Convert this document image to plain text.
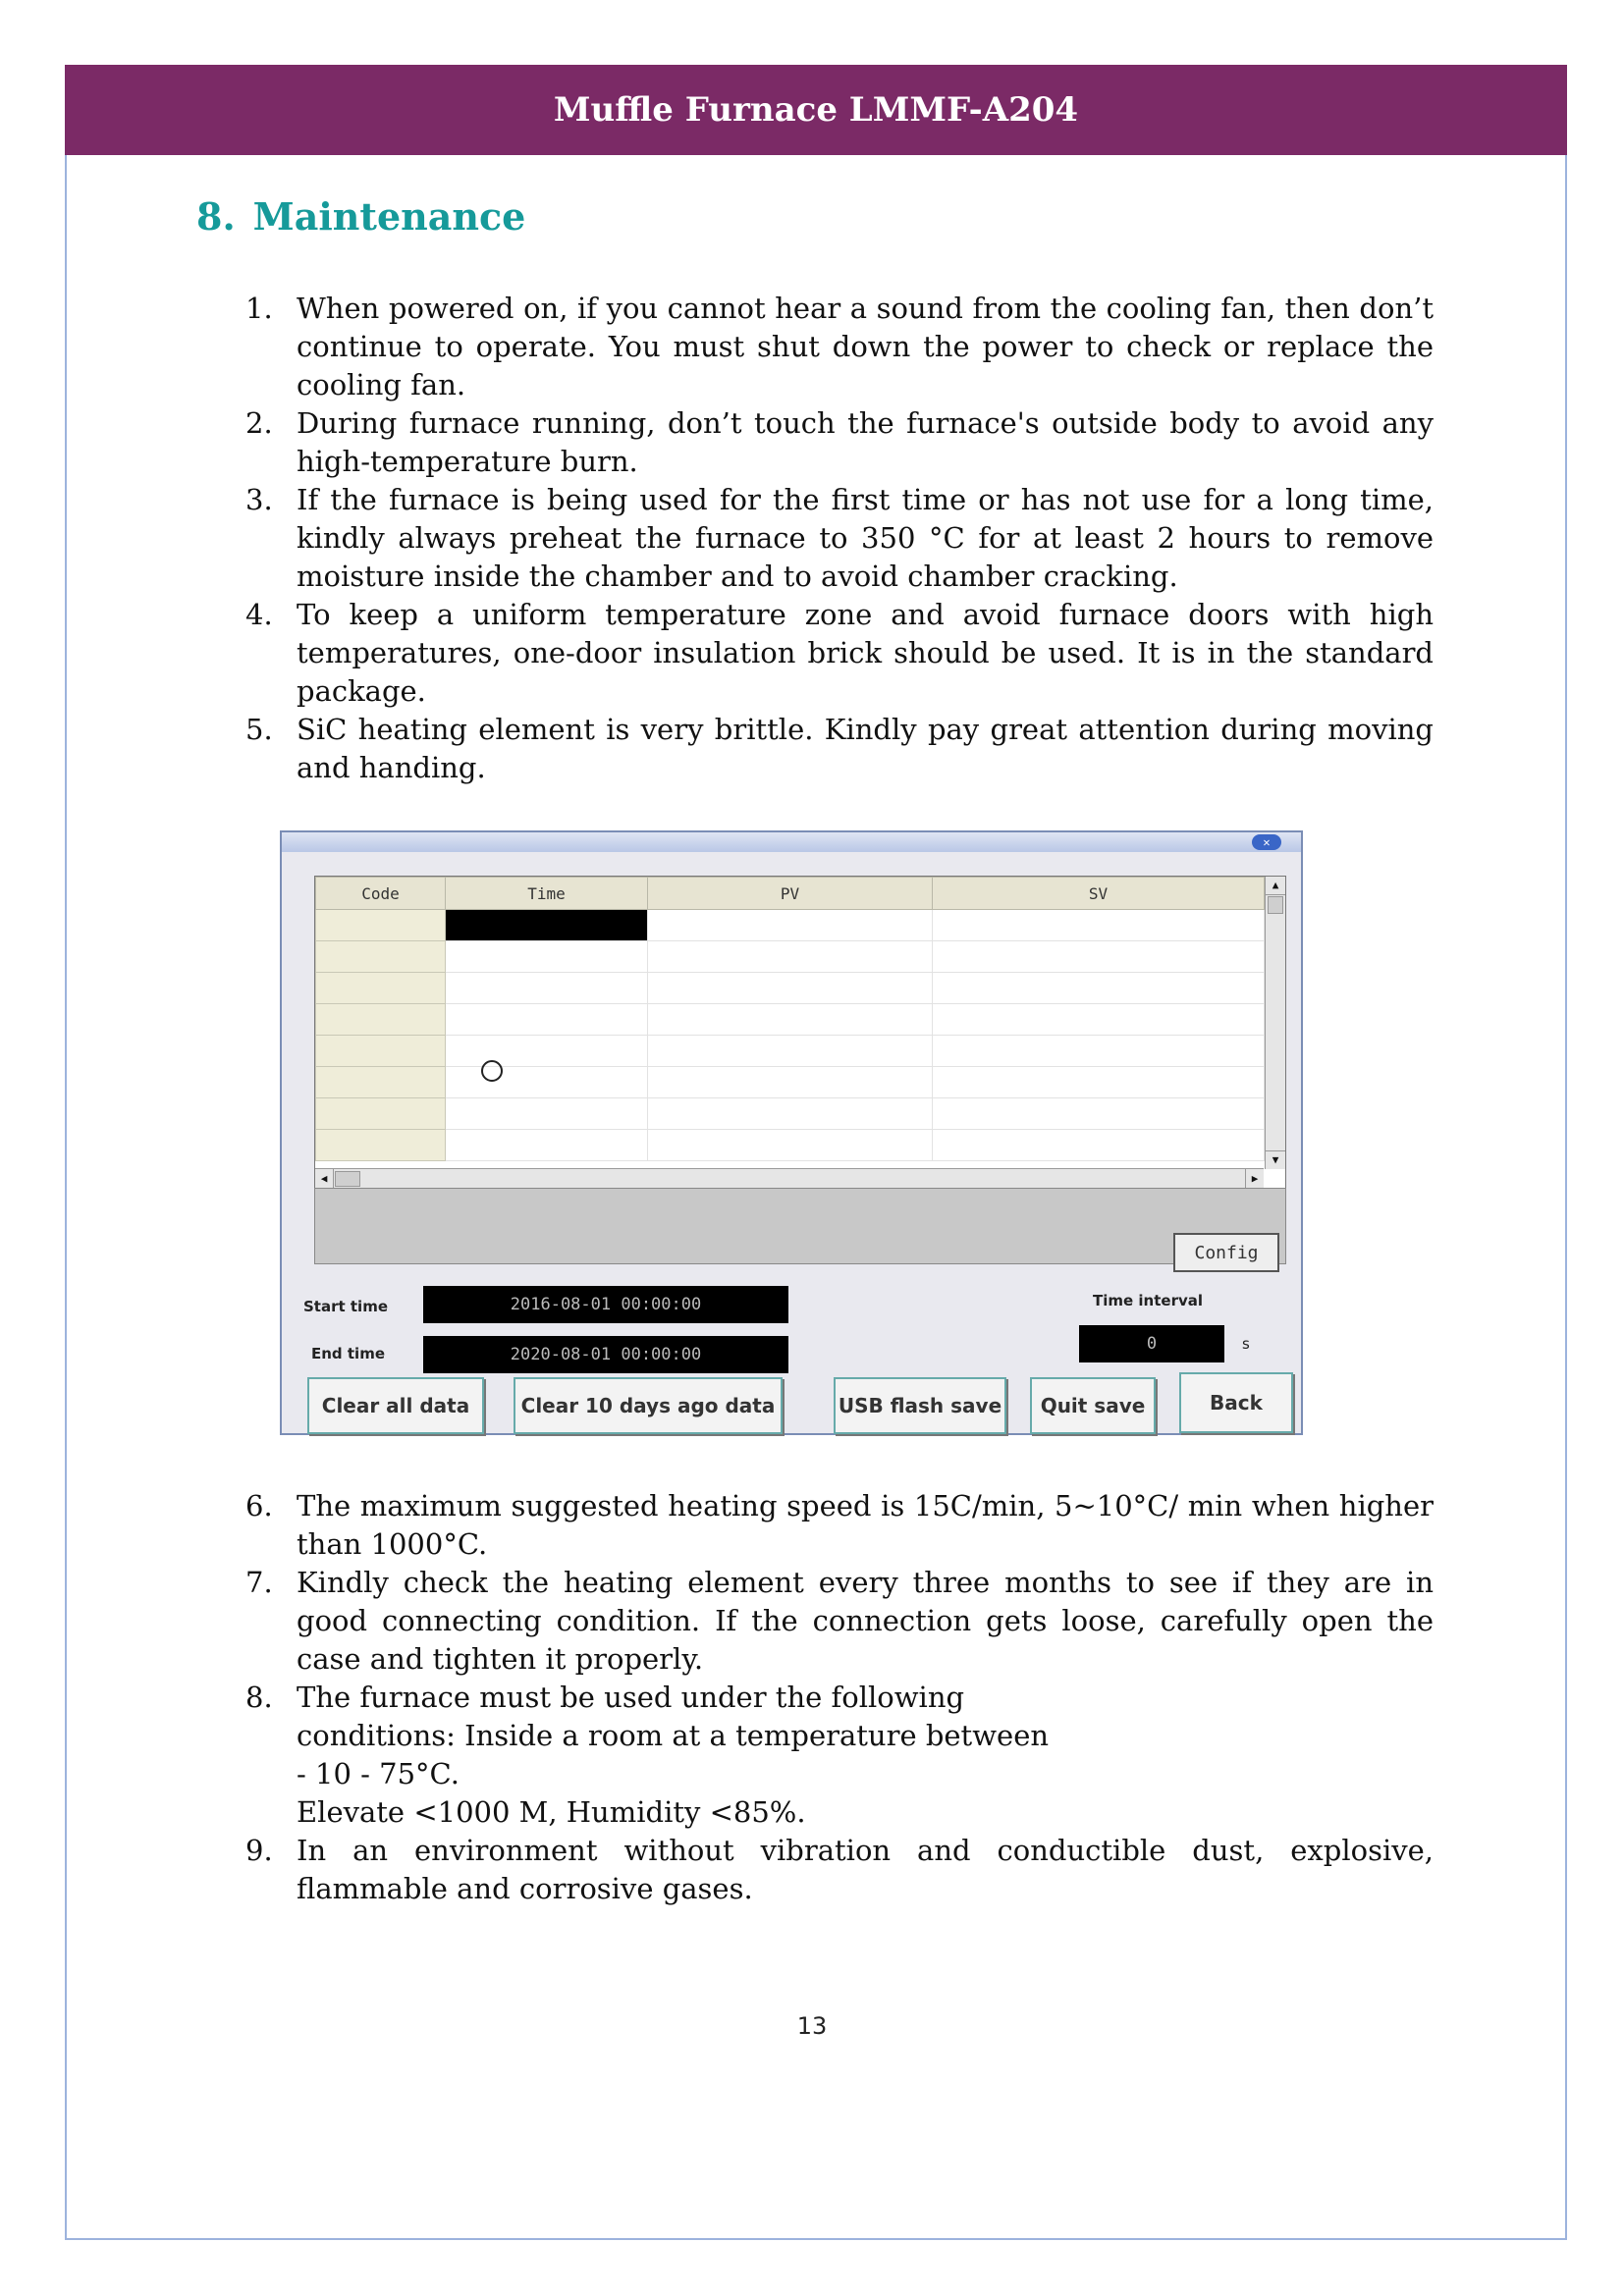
Muffle Furnace LMMF-A204
8. Maintenance
1. When powered on, if you cannot hear a sound from the cooling fan, then don’t continue to operate. You must shut down the power to check or replace the cooling fan.
2. During furnace running, don’t touch the furnace's outside body to avoid any high-temperature burn.
3. If the furnace is being used for the first time or has not use for a long time, kindly always preheat the furnace to 350 °C for at least 2 hours to remove moisture inside the chamber and to avoid chamber cracking.
4. To keep a uniform temperature zone and avoid furnace doors with high temperatures, one-door insulation brick should be used. It is in the standard package.
5. SiC heating element is very brittle. Kindly pay great attention during moving and handing.
✕
Code	Time	PV	SV

				▲
▼
◀	▶
Config
Start time	2016-08-01 00:00:00
End time	2020-08-01 00:00:00
Time interval
0	s
Clear all data	Clear 10 days ago data	USB flash save	Quit save	Back
6. The maximum suggested heating speed is 15C/min, 5~10°C/ min when higher than 1000°C.
7. Kindly check the heating element every three months to see if they are in good connecting condition. If the connection gets loose, carefully open the case and tighten it properly.
8. The furnace must be used under the following conditions: Inside a room at a temperature between - 10 - 75°C.
Elevate <1000 M, Humidity <85%.
9. In an environment without vibration and conductible dust, explosive, flammable and corrosive gases.
13
